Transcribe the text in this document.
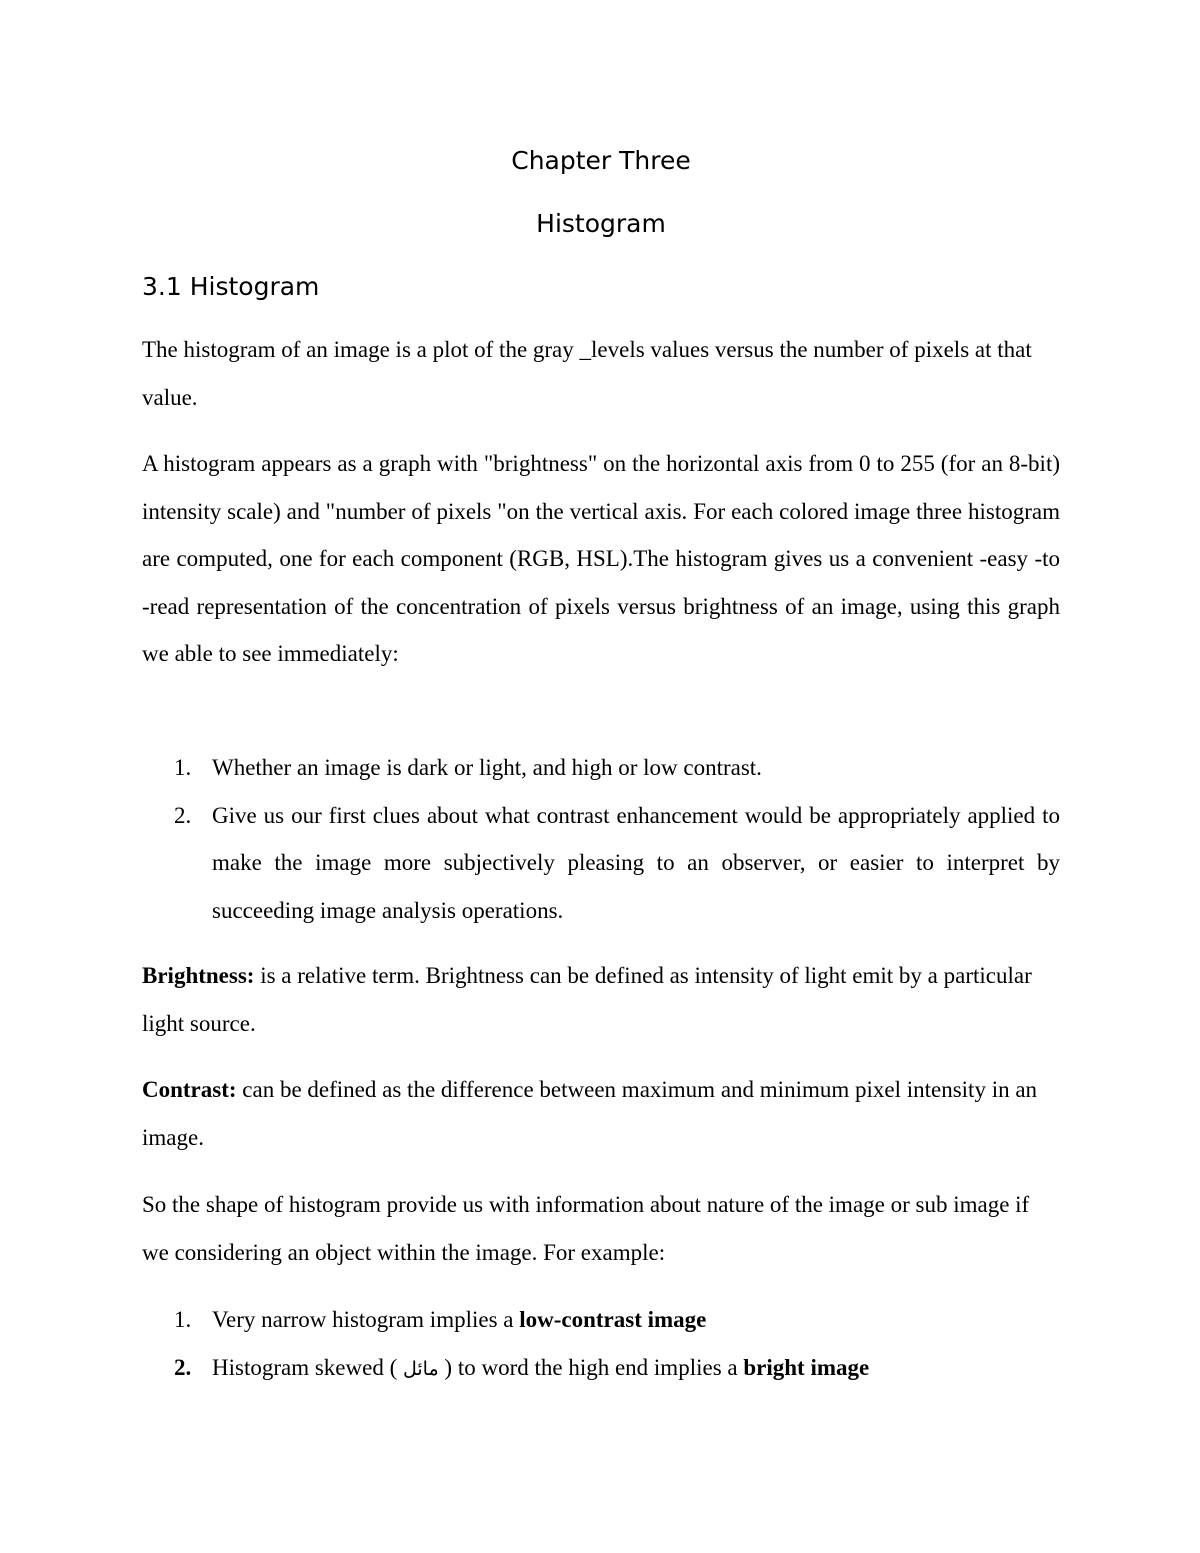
Chapter Three
Histogram
3.1 Histogram

The histogram of an image is a plot of the gray _levels values versus the number of pixels at that value.

A histogram appears as a graph with "brightness" on the horizontal axis from 0 to 255 (for an 8-bit) intensity scale) and "number of pixels "on the vertical axis. For each colored image three histogram are computed, one for each component (RGB, HSL).The histogram gives us a convenient -easy -to -read representation of the concentration of pixels versus brightness of an image, using this graph we able to see immediately:

1. Whether an image is dark or light, and high or low contrast.
2. Give us our first clues about what contrast enhancement would be appropriately applied to make the image more subjectively pleasing to an observer, or easier to interpret by succeeding image analysis operations.

Brightness: is a relative term. Brightness can be defined as intensity of light emit by a particular light source.

Contrast: can be defined as the difference between maximum and minimum pixel intensity in an image.

So the shape of histogram provide us with information about nature of the image or sub image if we considering an object within the image. For example:

1. Very narrow histogram implies a low-contrast image
2. Histogram skewed ( مائل ) to word the high end implies a bright image
